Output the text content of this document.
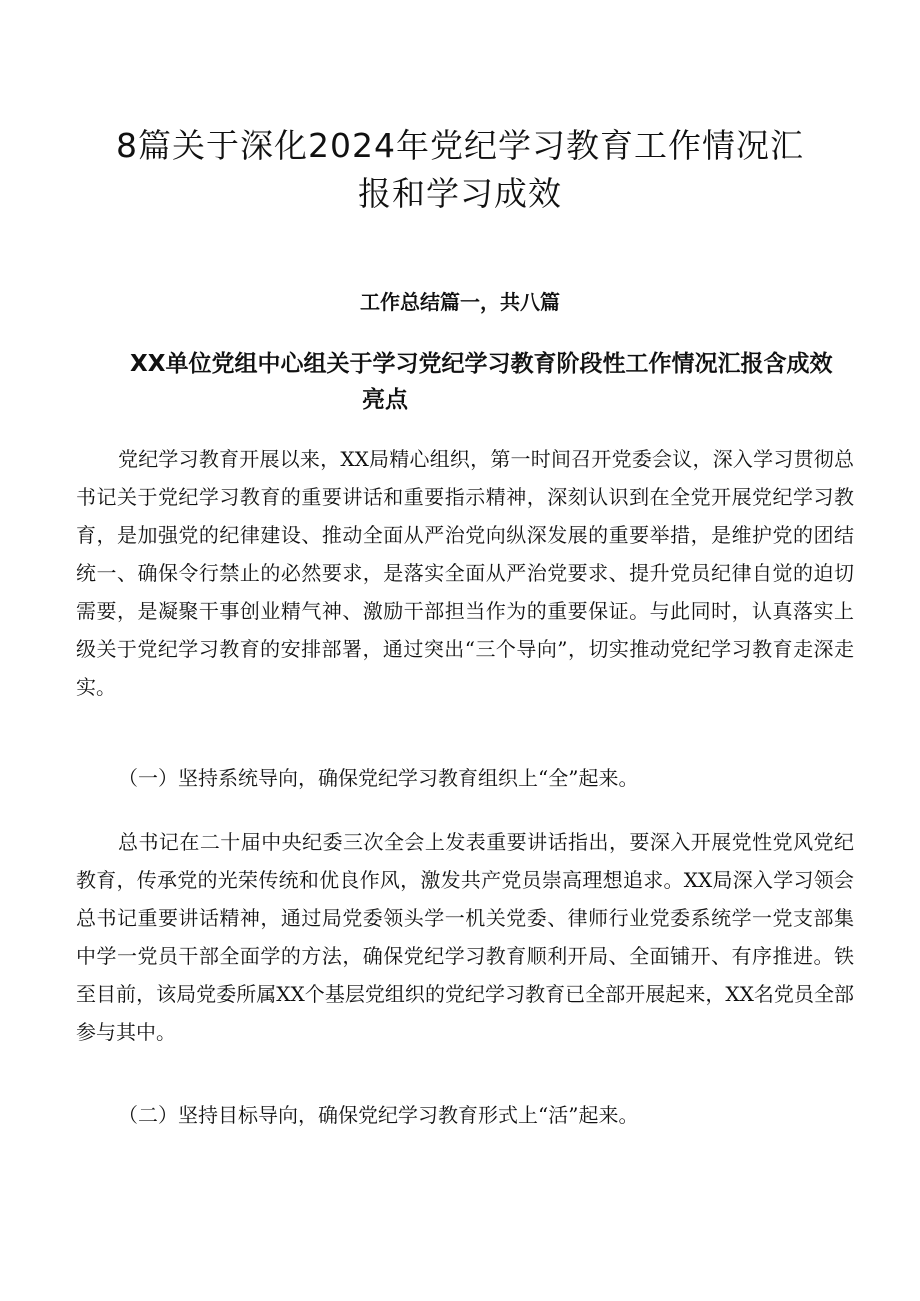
8篇关于深化2024年党纪学习教育工作情况汇报和学习成效
工作总结篇一，共八篇
XX单位党组中心组关于学习党纪学习教育阶段性工作情况汇报含成效
亮点

党纪学习教育开展以来，XX局精心组织，第一时间召开党委会议，深入学习贯彻总书记关于党纪学习教育的重要讲话和重要指示精神，深刻认识到在全党开展党纪学习教育，是加强党的纪律建设、推动全面从严治党向纵深发展的重要举措，是维护党的团结统一、确保令行禁止的必然要求，是落实全面从严治党要求、提升党员纪律自觉的迫切需要，是凝聚干事创业精气神、激励干部担当作为的重要保证。与此同时，认真落实上级关于党纪学习教育的安排部署，通过突出“三个导向”，切实推动党纪学习教育走深走实。

（一）坚持系统导向，确保党纪学习教育组织上“全”起来。

总书记在二十届中央纪委三次全会上发表重要讲话指出，要深入开展党性党风党纪教育，传承党的光荣传统和优良作风，激发共产党员崇高理想追求。XX局深入学习领会总书记重要讲话精神，通过局党委领头学一机关党委、律师行业党委系统学一党支部集中学一党员干部全面学的方法，确保党纪学习教育顺利开局、全面铺开、有序推进。铁至目前，该局党委所属XX个基层党组织的党纪学习教育已全部开展起来，XX名党员全部参与其中。

（二）坚持目标导向，确保党纪学习教育形式上“活”起来。
